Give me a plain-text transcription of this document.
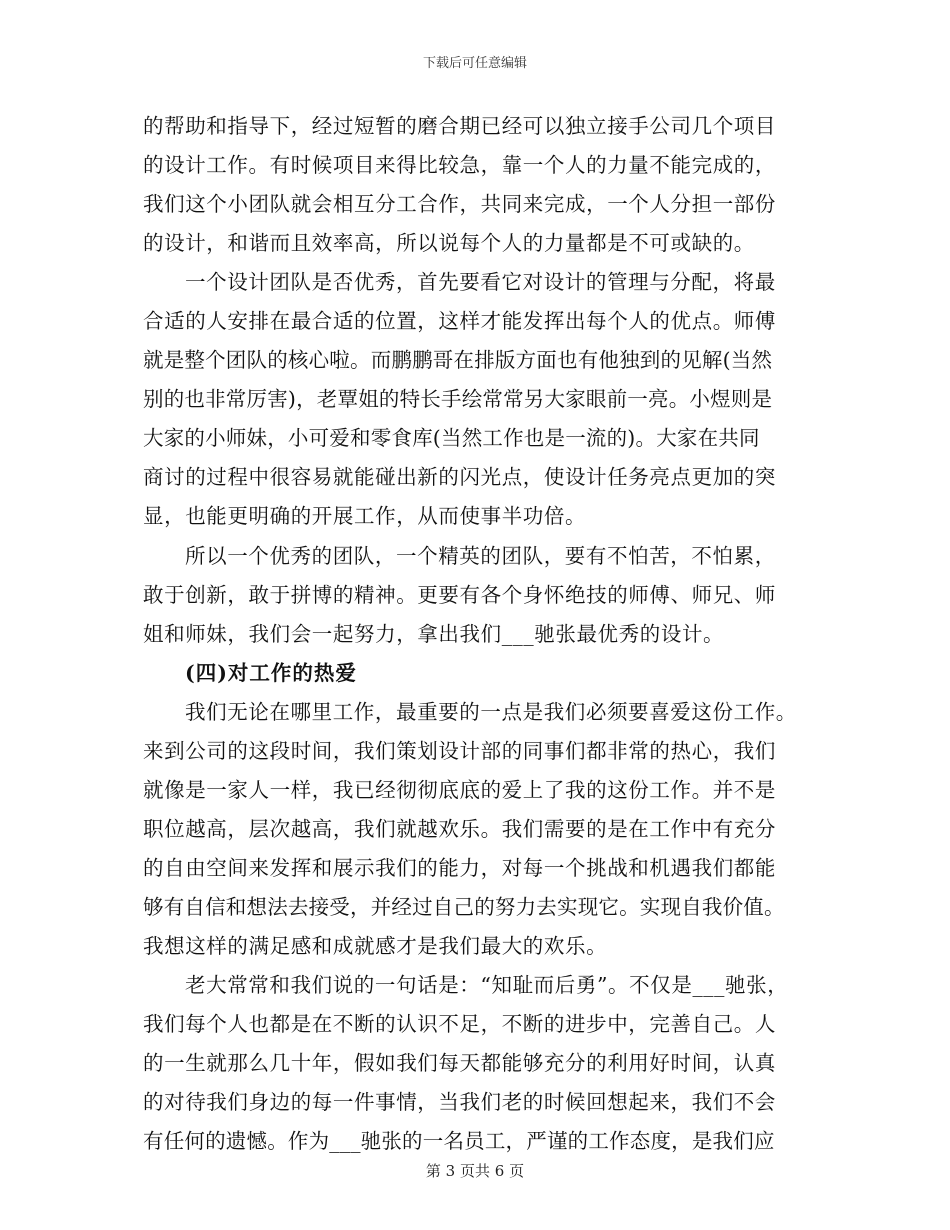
下载后可任意编辑
的帮助和指导下，经过短暂的磨合期已经可以独立接手公司几个项目
的设计工作。有时候项目来得比较急，靠一个人的力量不能完成的，
我们这个小团队就会相互分工合作，共同来完成，一个人分担一部份
的设计，和谐而且效率高，所以说每个人的力量都是不可或缺的。
一个设计团队是否优秀，首先要看它对设计的管理与分配，将最
合适的人安排在最合适的位置，这样才能发挥出每个人的优点。师傅
就是整个团队的核心啦。而鹏鹏哥在排版方面也有他独到的见解(当然
别的也非常厉害)，老覃姐的特长手绘常常另大家眼前一亮。小煜则是
大家的小师妹，小可爱和零食库(当然工作也是一流的)。大家在共同
商讨的过程中很容易就能碰出新的闪光点，使设计任务亮点更加的突
显，也能更明确的开展工作，从而使事半功倍。
所以一个优秀的团队，一个精英的团队，要有不怕苦，不怕累，
敢于创新，敢于拼博的精神。更要有各个身怀绝技的师傅、师兄、师
姐和师妹，我们会一起努力，拿出我们___驰张最优秀的设计。
(四)对工作的热爱
我们无论在哪里工作，最重要的一点是我们必须要喜爱这份工作。
来到公司的这段时间，我们策划设计部的同事们都非常的热心，我们
就像是一家人一样，我已经彻彻底底的爱上了我的这份工作。并不是
职位越高，层次越高，我们就越欢乐。我们需要的是在工作中有充分
的自由空间来发挥和展示我们的能力，对每一个挑战和机遇我们都能
够有自信和想法去接受，并经过自己的努力去实现它。实现自我价值。
我想这样的满足感和成就感才是我们最大的欢乐。
老大常常和我们说的一句话是：“知耻而后勇”。不仅是___驰张，
我们每个人也都是在不断的认识不足，不断的进步中，完善自己。人
的一生就那么几十年，假如我们每天都能够充分的利用好时间，认真
的对待我们身边的每一件事情，当我们老的时候回想起来，我们不会
有任何的遗憾。作为___驰张的一名员工，严谨的工作态度，是我们应
第 3 页共 6 页
